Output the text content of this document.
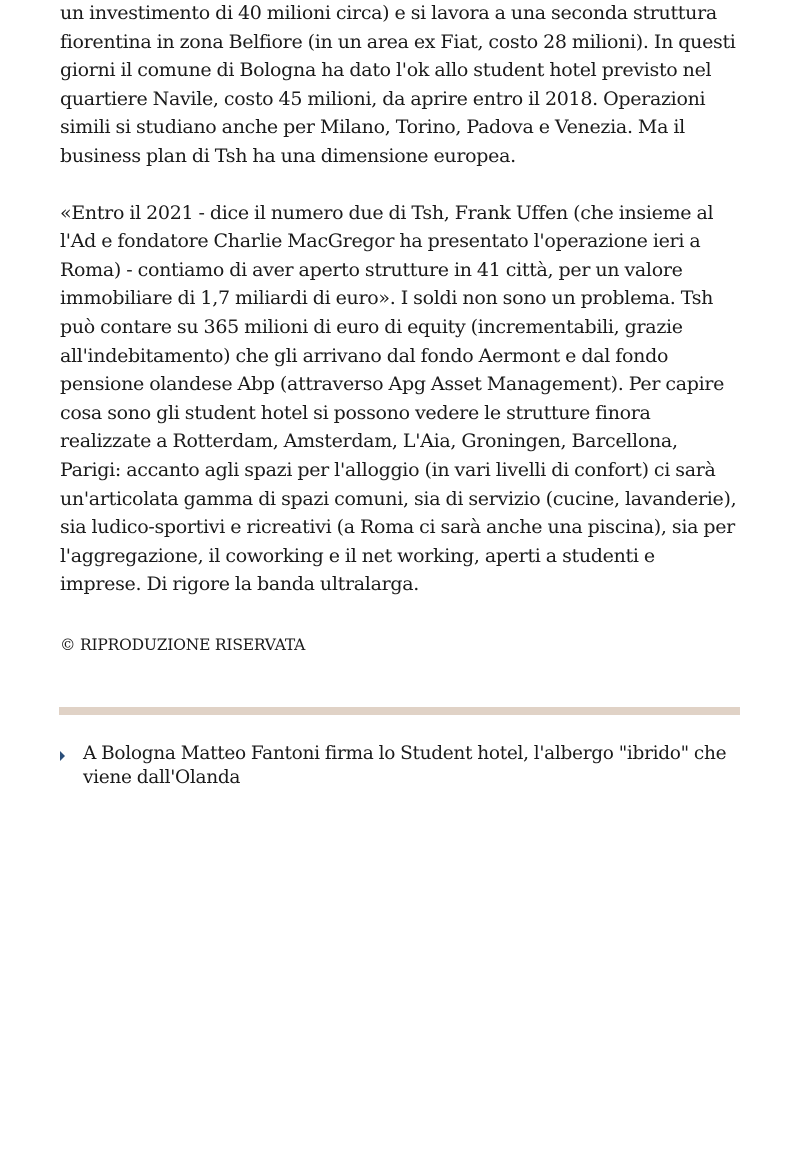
un investimento di 40 milioni circa) e si lavora a una seconda struttura fiorentina in zona Belfiore (in un area ex Fiat, costo 28 milioni). In questi giorni il comune di Bologna ha dato l'ok allo student hotel previsto nel quartiere Navile, costo 45 milioni, da aprire entro il 2018. Operazioni simili si studiano anche per Milano, Torino, Padova e Venezia. Ma il business plan di Tsh ha una dimensione europea.

«Entro il 2021 - dice il numero due di Tsh, Frank Uffen (che insieme al l'Ad e fondatore Charlie MacGregor ha presentato l'operazione ieri a Roma) - contiamo di aver aperto strutture in 41 città, per un valore immobiliare di 1,7 miliardi di euro». I soldi non sono un problema. Tsh può contare su 365 milioni di euro di equity (incrementabili, grazie all'indebitamento) che gli arrivano dal fondo Aermont e dal fondo pensione olandese Abp (attraverso Apg Asset Management). Per capire cosa sono gli student hotel si possono vedere le strutture finora realizzate a Rotterdam, Amsterdam, L'Aia, Groningen, Barcellona, Parigi: accanto agli spazi per l'alloggio (in vari livelli di confort) ci sarà un'articolata gamma di spazi comuni, sia di servizio (cucine, lavanderie), sia ludico-sportivi e ricreativi (a Roma ci sarà anche una piscina), sia per l'aggregazione, il coworking e il net working, aperti a studenti e imprese. Di rigore la banda ultralarga.

© RIPRODUZIONE RISERVATA

A Bologna Matteo Fantoni firma lo Student hotel, l'albergo "ibrido" che viene dall'Olanda
